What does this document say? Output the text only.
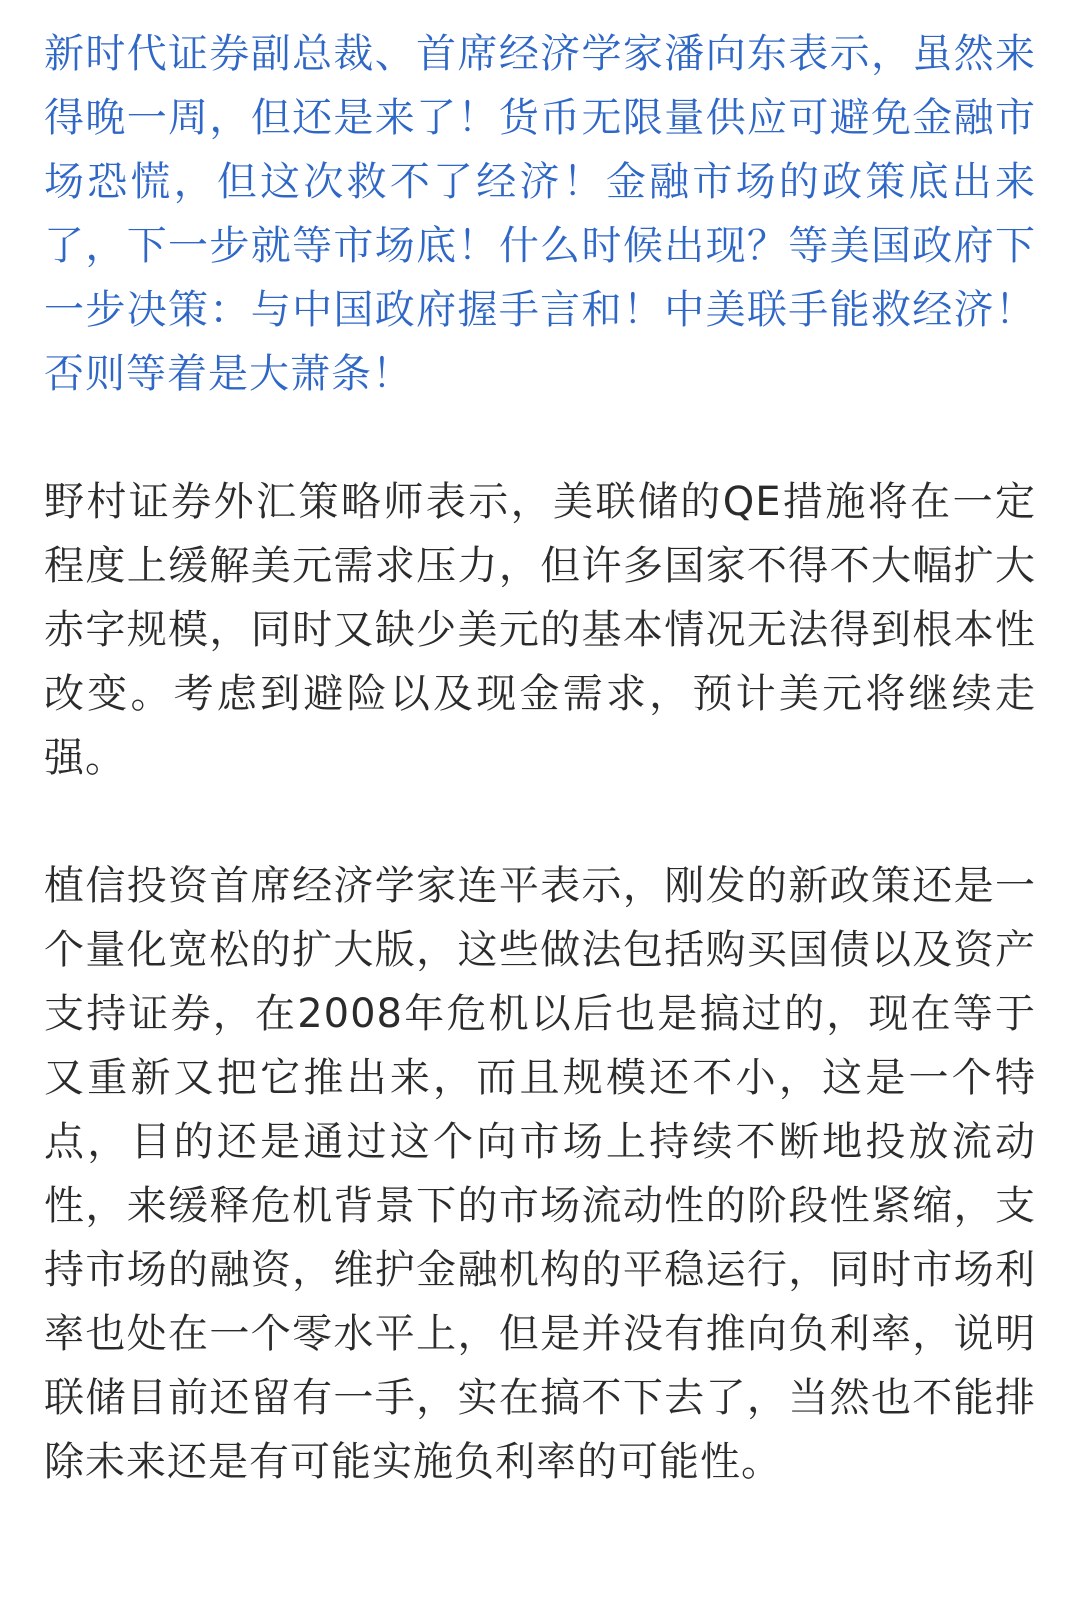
新时代证券副总裁、首席经济学家潘向东表示，虽然来得晚一周，但还是来了！货币无限量供应可避免金融市场恐慌，但这次救不了经济！金融市场的政策底出来了，下一步就等市场底！什么时候出现？等美国政府下一步决策：与中国政府握手言和！中美联手能救经济！否则等着是大萧条！

野村证券外汇策略师表示，美联储的QE措施将在一定程度上缓解美元需求压力，但许多国家不得不大幅扩大赤字规模，同时又缺少美元的基本情况无法得到根本性改变。考虑到避险以及现金需求，预计美元将继续走强。

植信投资首席经济学家连平表示，刚发的新政策还是一个量化宽松的扩大版，这些做法包括购买国债以及资产支持证券，在2008年危机以后也是搞过的，现在等于又重新又把它推出来，而且规模还不小，这是一个特点，目的还是通过这个向市场上持续不断地投放流动性，来缓释危机背景下的市场流动性的阶段性紧缩，支持市场的融资，维护金融机构的平稳运行，同时市场利率也处在一个零水平上，但是并没有推向负利率，说明联储目前还留有一手，实在搞不下去了，当然也不能排除未来还是有可能实施负利率的可能性。
